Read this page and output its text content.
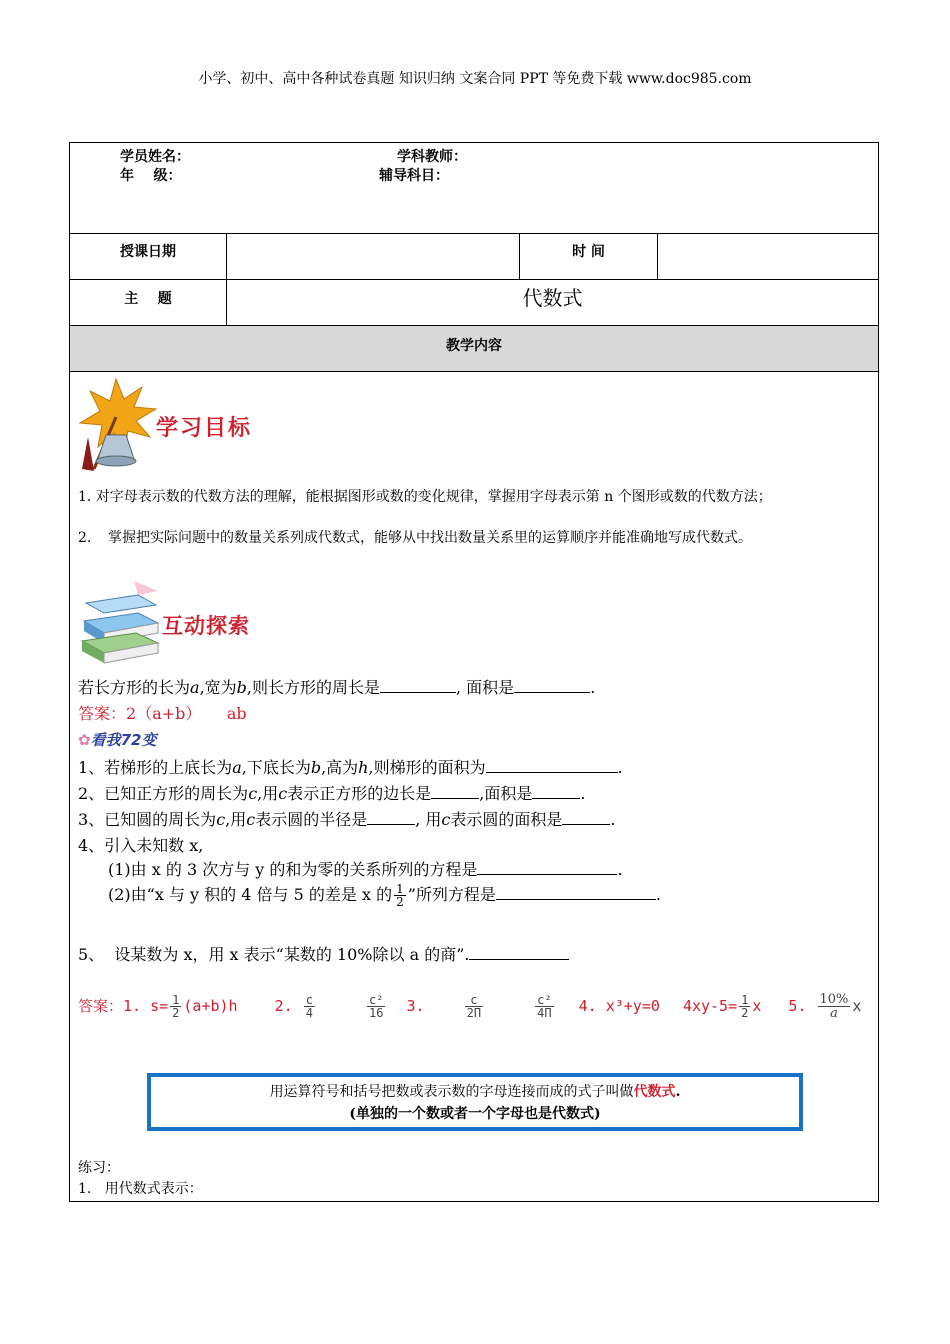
小学、初中、高中各种试卷真题 知识归纳 文案合同 PPT 等免费下载 www.doc985.com
学员姓名：	学科教师：
年    级：	辅导科目：
授课日期	时 间
主    题	代数式
教学内容
学习目标
1. 对字母表示数的代数方法的理解，能根据图形或数的变化规律，掌握用字母表示第 n 个图形或数的代数方法；
2.	掌握把实际问题中的数量关系列成代数式，能够从中找出数量关系里的运算顺序并能准确地写成代数式。
互动探索
若长方形的长为a,宽为b,则长方形的周长是	, 面积是	.
答案：2（a+b） ab
✿看我72变
1、若梯形的上底长为a,下底长为b,高为h,则梯形的面积为	.
2、已知正方形的周长为c,用c表示正方形的边长是	,面积是	.
3、已知圆的周长为c,用c表示圆的半径是	, 用c表示圆的面积是	.
4、引入未知数 x,
(1)由 x 的 3 次方与 y 的和为零的关系所列的方程是	.
(2)由“x 与 y 积的 4 倍与 5 的差是 x 的 $\frac{1}{2}$ ”所列方程是	.
5、  设某数为 x，用 x 表示“某数的 10%除以 a 的商”.
答案：1. $s= \frac{1}{2} (a+b)h$ 2. $\frac{c}{4}$
	$\frac{\text{c²}}{16} 3$.	$\frac{c}{2\Pi}$
	$\frac{\text{c²}}{4\Pi} 4$. x³+y=0 $4xy-5= \frac{1}{2}$ x 5. $\frac{10\%}{a}$ x
用运算符号和括号把数或表示数的字母连接而成的式子叫做代数式.
(单独的一个数或者一个字母也是代数式)
练习：
1.   用代数式表示：
